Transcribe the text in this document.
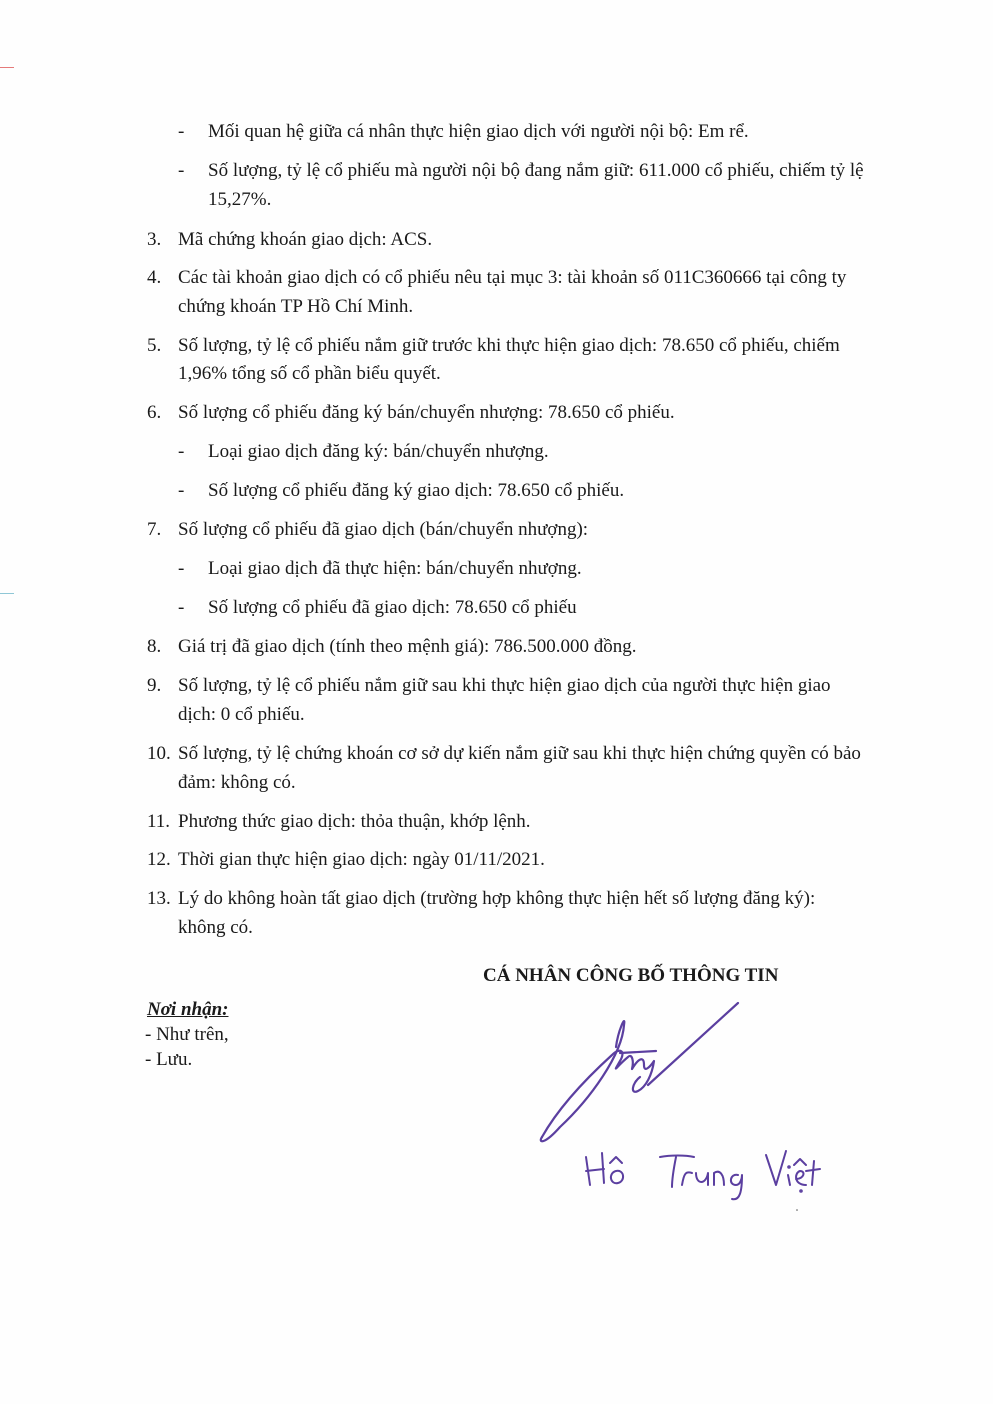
- Mối quan hệ giữa cá nhân thực hiện giao dịch với người nội bộ: Em rể.
- Số lượng, tỷ lệ cổ phiếu mà người nội bộ đang nắm giữ: 611.000 cổ phiếu, chiếm tỷ lệ
15,27%.
3. Mã chứng khoán giao dịch: ACS.
4. Các tài khoản giao dịch có cổ phiếu nêu tại mục 3: tài khoản số 011C360666 tại công ty
chứng khoán TP Hồ Chí Minh.
5. Số lượng, tỷ lệ cổ phiếu nắm giữ trước khi thực hiện giao dịch: 78.650 cổ phiếu, chiếm
1,96% tổng số cổ phần biểu quyết.
6. Số lượng cổ phiếu đăng ký bán/chuyển nhượng: 78.650 cổ phiếu.
- Loại giao dịch đăng ký: bán/chuyển nhượng.
- Số lượng cổ phiếu đăng ký giao dịch: 78.650 cổ phiếu.
7. Số lượng cổ phiếu đã giao dịch (bán/chuyển nhượng):
- Loại giao dịch đã thực hiện: bán/chuyển nhượng.
- Số lượng cổ phiếu đã giao dịch: 78.650 cổ phiếu
8. Giá trị đã giao dịch (tính theo mệnh giá): 786.500.000 đồng.
9. Số lượng, tỷ lệ cổ phiếu nắm giữ sau khi thực hiện giao dịch của người thực hiện giao
dịch: 0 cổ phiếu.
10. Số lượng, tỷ lệ chứng khoán cơ sở dự kiến nắm giữ sau khi thực hiện chứng quyền có bảo
đảm: không có.
11. Phương thức giao dịch: thỏa thuận, khớp lệnh.
12. Thời gian thực hiện giao dịch: ngày 01/11/2021.
13. Lý do không hoàn tất giao dịch (trường hợp không thực hiện hết số lượng đăng ký):
không có.
CÁ NHÂN CÔNG BỐ THÔNG TIN
Nơi nhận:
- Như trên,
- Lưu.
